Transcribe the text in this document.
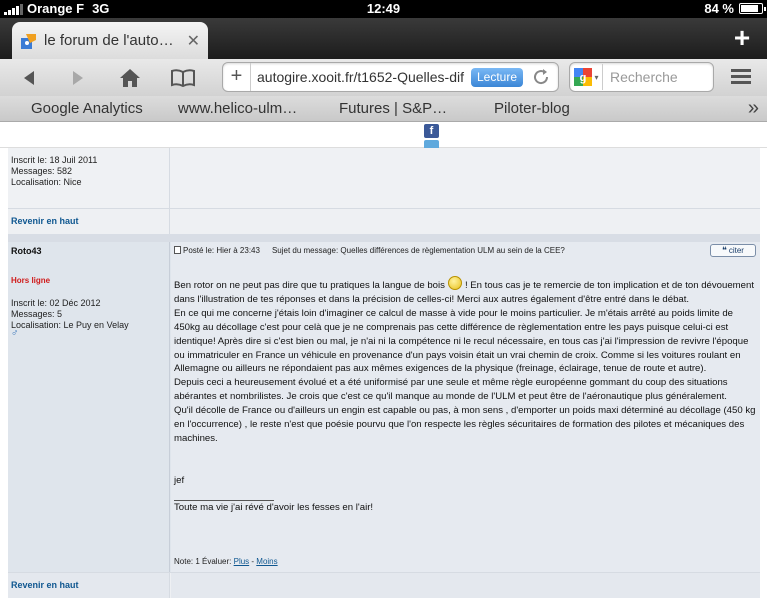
Orange F 3G	12:49	84 %
le forum de l'auto… ✕	+
+	autogire.xooit.fr/t1652-Quelles-dif	Lecture	g ▾ Recherche
Google Analytics www.helico-ulm…	Futures | S&P…	Piloter-blog	»
f
Inscrit le: 18 Juil 2011
Messages: 582
Localisation: Nice
Revenir en haut
Roto43
Hors ligne
Inscrit le: 02 Déc 2012
Messages: 5
Localisation: Le Puy en Velay
♂
Posté le: Hier à 23:43 Sujet du message: Quelles différences de règlementation ULM au sein de la CEE?	❝ citer

Ben rotor on ne peut pas dire que tu pratiques la langue de bois ! En tous cas je te remercie de ton implication et de ton dévouement dans l'illustration de tes réponses et dans la précision de celles-ci! Merci aux autres également d'être entré dans le débat.

En ce qui me concerne j'étais loin d'imaginer ce calcul de masse à vide pour le moins particulier. Je m'étais arrêté au poids limite de 450kg au décollage c'est pour celà que je ne comprenais pas cette différence de règlementation entre les pays puisque celui-ci est identique! Après dire si c'est bien ou mal, je n'ai ni la compétence ni le recul nécessaire, en tous cas j'ai l'impression de revivre l'époque ou immatriculer en France un véhicule en provenance d'un pays voisin était un vrai chemin de croix. Comme si les voitures roulant en Allemagne ou ailleurs ne répondaient pas aux mêmes exigences de la physique (freinage, éclairage, tenue de route et autre).

Depuis ceci a heureusement évolué et a été uniformisé par une seule et même règle européenne gommant du coup des situations abérantes et nombrilistes. Je crois que c'est ce qu'il manque au monde de l'ULM et peut être de l'aéronautique plus généralement.

Qu'il décolle de France ou d'ailleurs un engin est capable ou pas, à mon sens , d'emporter un poids maxi déterminé au décollage (450 kg en l'occurrence) , le reste n'est que poésie pourvu que l'on respecte les règles sécuritaires de formation des pilotes et mécaniques des machines.

jef

Toute ma vie j'ai révé d'avoir les fesses en l'air!

Note: 1 Évaluer: Plus - Moins
Revenir en haut
